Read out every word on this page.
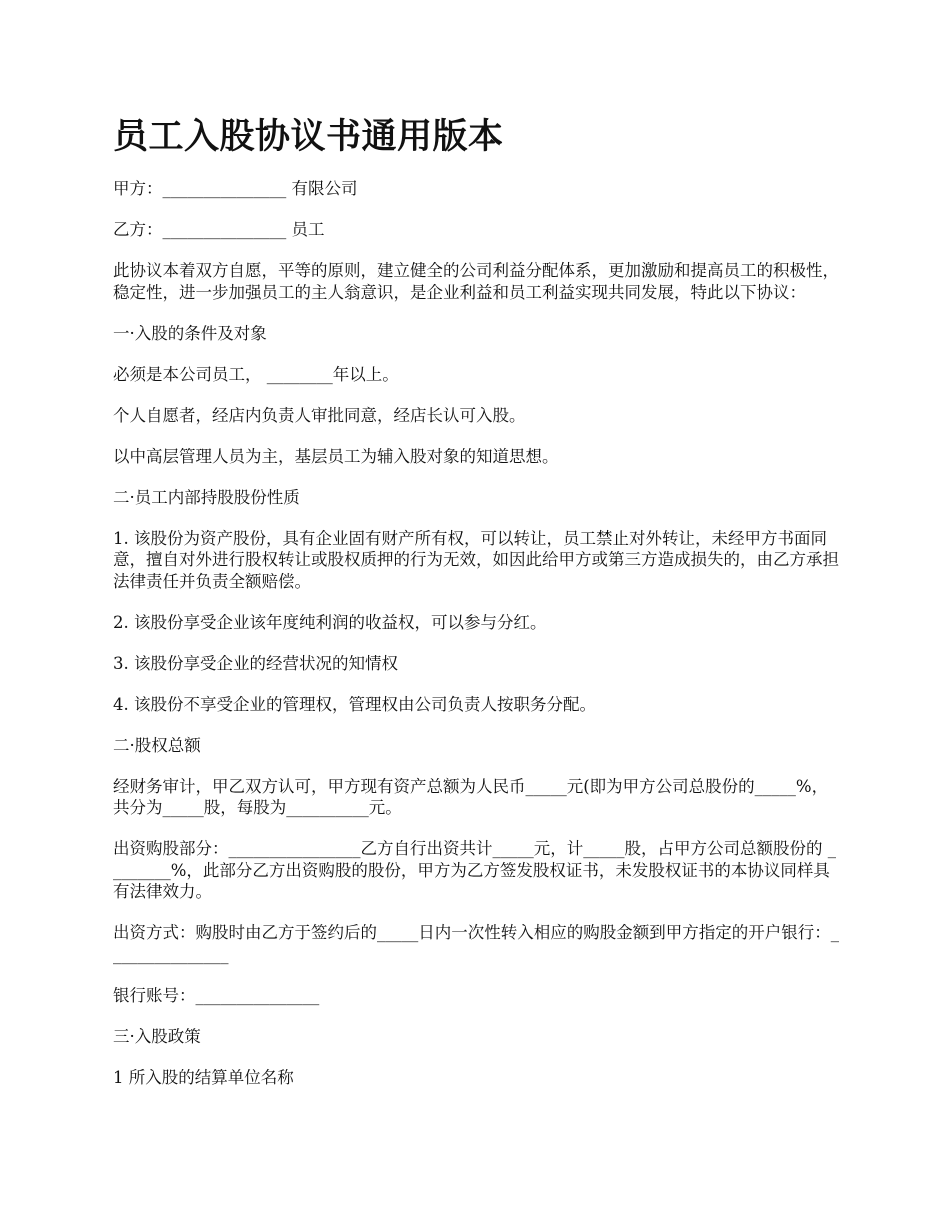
员工入股协议书通用版本

甲方：_______________ 有限公司

乙方：_______________ 员工

此协议本着双方自愿，平等的原则，建立健全的公司利益分配体系，更加激励和提高员工的积极性，稳定性，进一步加强员工的主人翁意识，是企业利益和员工利益实现共同发展，特此以下协议：

一·入股的条件及对象

必须是本公司员工， ________年以上。

个人自愿者，经店内负责人审批同意，经店长认可入股。

以中高层管理人员为主，基层员工为辅入股对象的知道思想。

二·员工内部持股股份性质

1. 该股份为资产股份，具有企业固有财产所有权，可以转让，员工禁止对外转让，未经甲方书面同意，擅自对外进行股权转让或股权质押的行为无效，如因此给甲方或第三方造成损失的，由乙方承担法律责任并负责全额赔偿。

2. 该股份享受企业该年度纯利润的收益权，可以参与分红。

3. 该股份享受企业的经营状况的知情权

4. 该股份不享受企业的管理权，管理权由公司负责人按职务分配。

二·股权总额

经财务审计，甲乙双方认可，甲方现有资产总额为人民币_____元(即为甲方公司总股份的_____%，共分为_____股，每股为__________元。

出资购股部分：________________乙方自行出资共计_____元，计_____股，占甲方公司总额股份的 ________%，此部分乙方出资购股的股份，甲方为乙方签发股权证书，未发股权证书的本协议同样具有法律效力。

出资方式：购股时由乙方于签约后的_____日内一次性转入相应的购股金额到甲方指定的开户银行：_______________

银行账号：_______________

三·入股政策

1 所入股的结算单位名称
